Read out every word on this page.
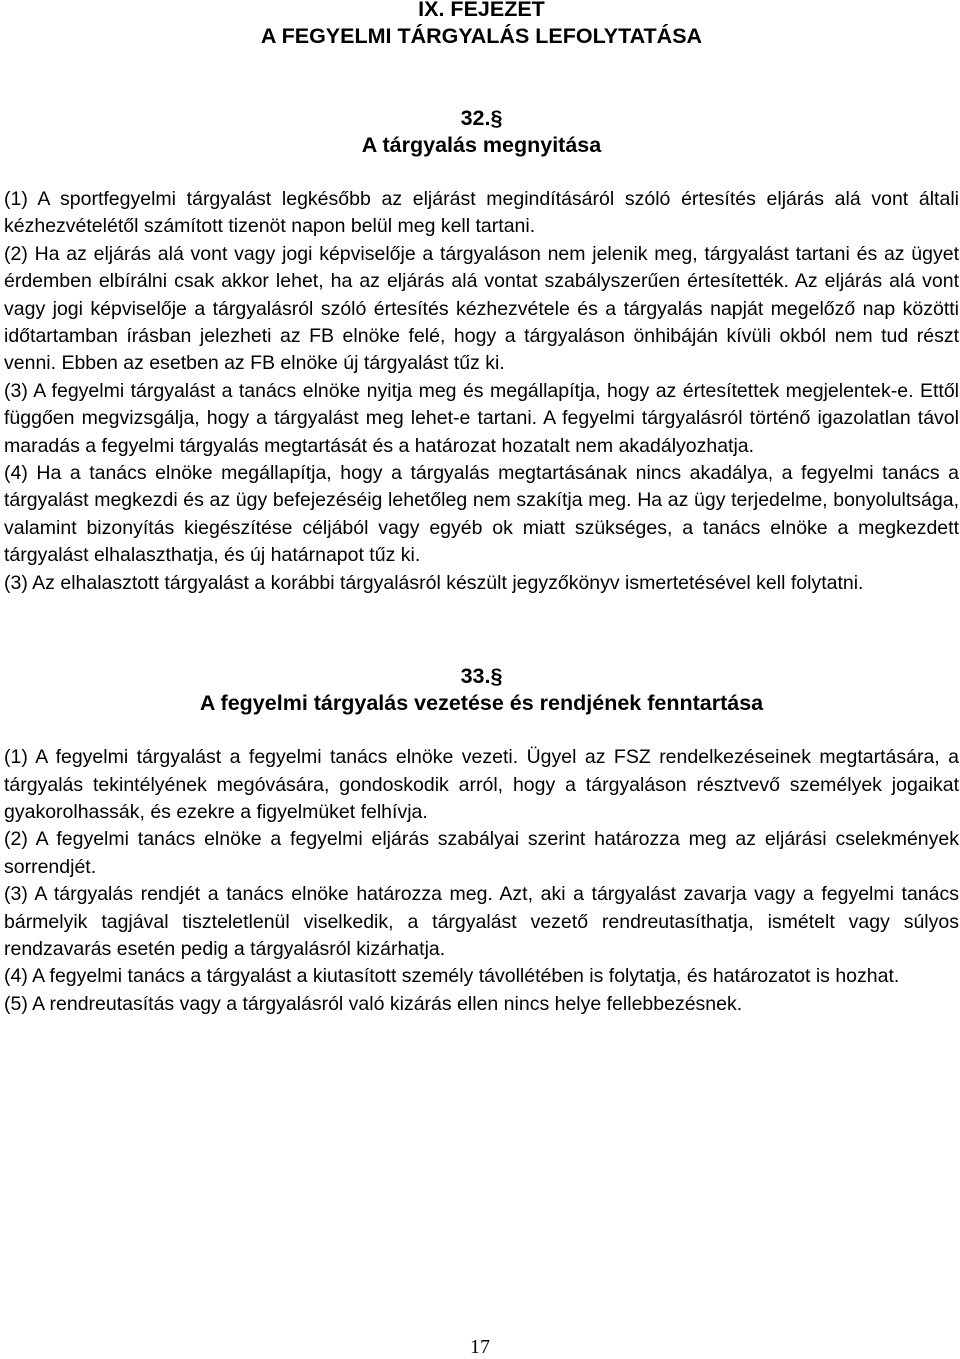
IX. FEJEZET
A FEGYELMI TÁRGYALÁS LEFOLYTATÁSA
32.§
A tárgyalás megnyitása

(1) A sportfegyelmi tárgyalást legkésőbb az eljárást megindításáról szóló értesítés eljárás alá vont általi kézhezvételétől számított tizenöt napon belül meg kell tartani.

(2) Ha az eljárás alá vont vagy jogi képviselője a tárgyaláson nem jelenik meg, tárgyalást tartani és az ügyet érdemben elbírálni csak akkor lehet, ha az eljárás alá vontat szabályszerűen értesítették. Az eljárás alá vont vagy jogi képviselője a tárgyalásról szóló értesítés kézhezvétele és a tárgyalás napját megelőző nap közötti időtartamban írásban jelezheti az FB elnöke felé, hogy a tárgyaláson önhibáján kívüli okból nem tud részt venni. Ebben az esetben az FB elnöke új tárgyalást tűz ki.

(3) A fegyelmi tárgyalást a tanács elnöke nyitja meg és megállapítja, hogy az értesítettek megjelentek-e. Ettől függően megvizsgálja, hogy a tárgyalást meg lehet-e tartani. A fegyelmi tárgyalásról történő igazolatlan távol maradás a fegyelmi tárgyalás megtartását és a határozat hozatalt nem akadályozhatja.

(4) Ha a tanács elnöke megállapítja, hogy a tárgyalás megtartásának nincs akadálya, a fegyelmi tanács a tárgyalást megkezdi és az ügy befejezéséig lehetőleg nem szakítja meg. Ha az ügy terjedelme, bonyolultsága, valamint bizonyítás kiegészítése céljából vagy egyéb ok miatt szükséges, a tanács elnöke a megkezdett tárgyalást elhalaszthatja, és új határnapot tűz ki.

(3) Az elhalasztott tárgyalást a korábbi tárgyalásról készült jegyzőkönyv ismertetésével kell folytatni.

33.§
A fegyelmi tárgyalás vezetése és rendjének fenntartása

(1) A fegyelmi tárgyalást a fegyelmi tanács elnöke vezeti. Ügyel az FSZ rendelkezéseinek megtartására, a tárgyalás tekintélyének megóvására, gondoskodik arról, hogy a tárgyaláson résztvevő személyek jogaikat gyakorolhassák, és ezekre a figyelmüket felhívja.

(2) A fegyelmi tanács elnöke a fegyelmi eljárás szabályai szerint határozza meg az eljárási cselekmények sorrendjét.

(3) A tárgyalás rendjét a tanács elnöke határozza meg. Azt, aki a tárgyalást zavarja vagy a fegyelmi tanács bármelyik tagjával tiszteletlenül viselkedik, a tárgyalást vezető rendreutasíthatja, ismételt vagy súlyos rendzavarás esetén pedig a tárgyalásról kizárhatja.

(4) A fegyelmi tanács a tárgyalást a kiutasított személy távollétében is folytatja, és határozatot is hozhat.

(5) A rendreutasítás vagy a tárgyalásról való kizárás ellen nincs helye fellebbezésnek.

17
